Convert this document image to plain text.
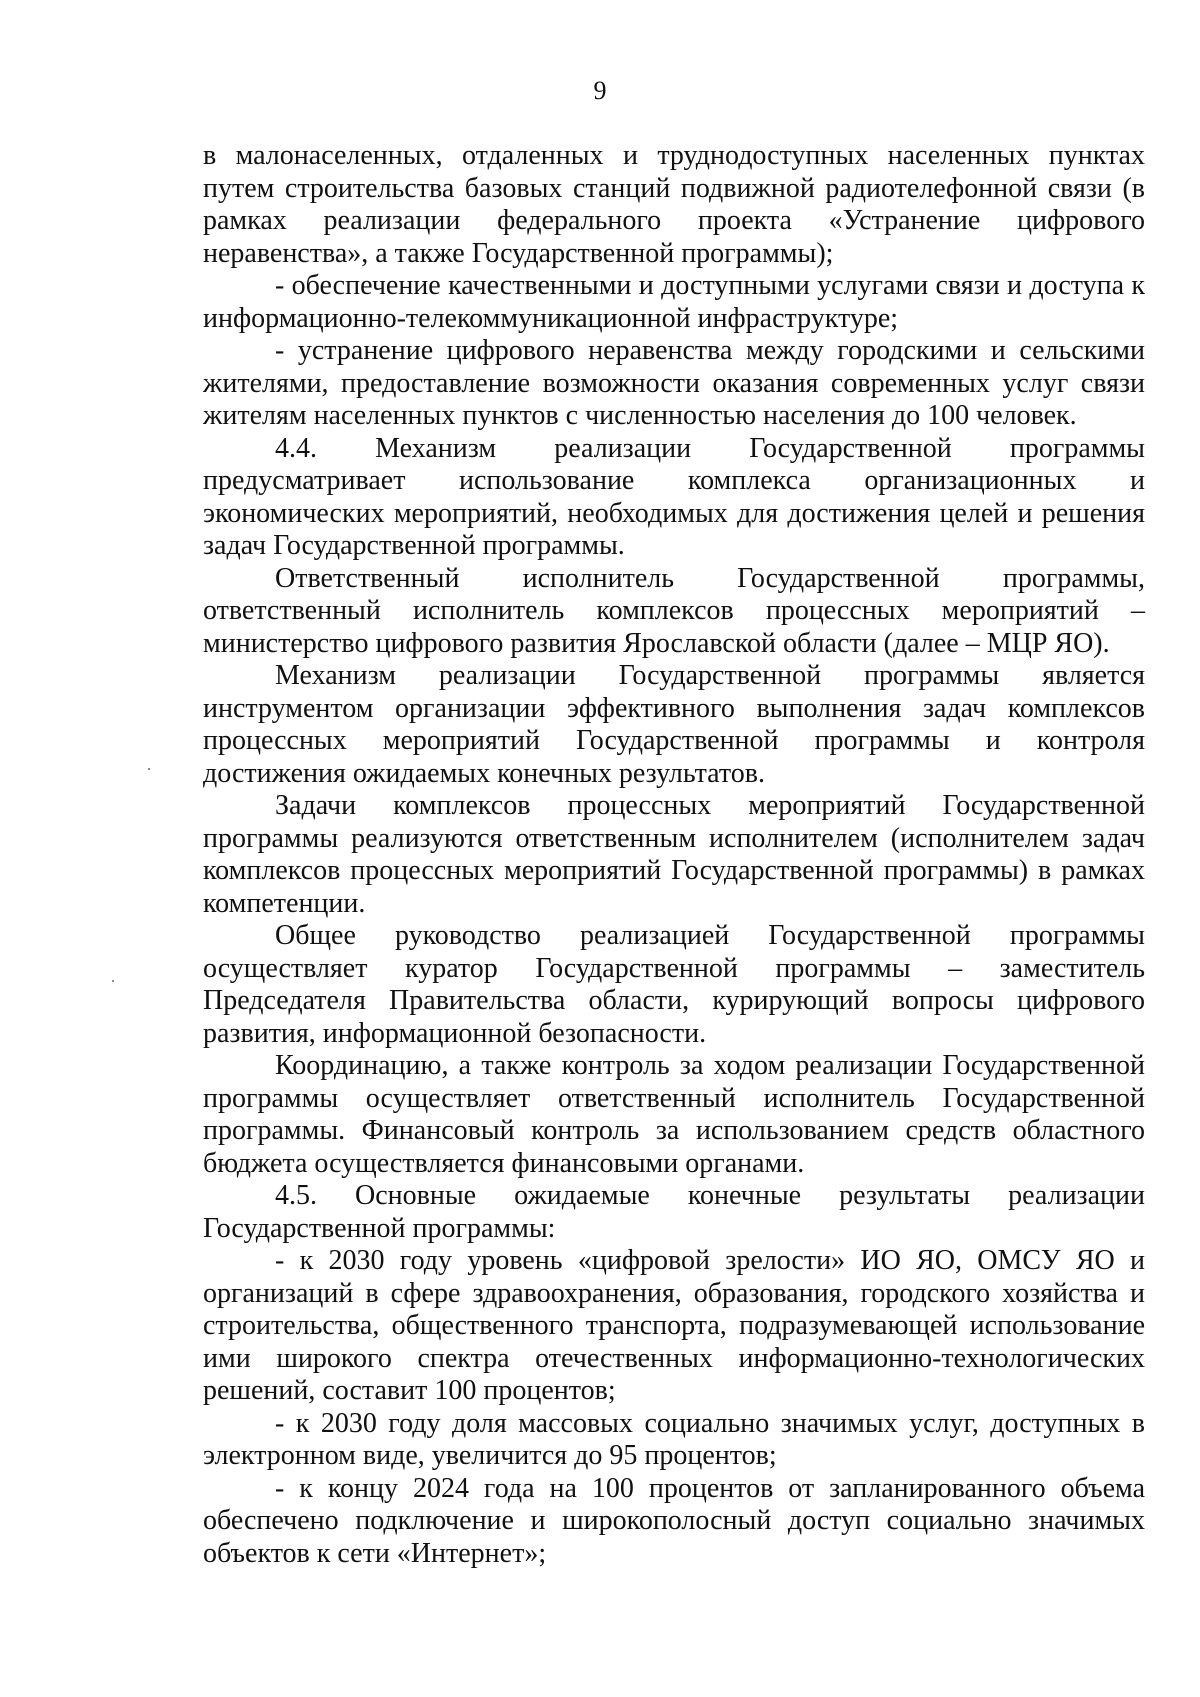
9

в малонаселенных, отдаленных и труднодоступных населенных пунктах путем строительства базовых станций подвижной радиотелефонной связи (в рамках реализации федерального проекта «Устранение цифрового неравенства», а также Государственной программы);

- обеспечение качественными и доступными услугами связи и доступа к информационно-телекоммуникационной инфраструктуре;

- устранение цифрового неравенства между городскими и сельскими жителями, предоставление возможности оказания современных услуг связи жителям населенных пунктов с численностью населения до 100 человек.

4.4. Механизм реализации Государственной программы предусматривает использование комплекса организационных и экономических мероприятий, необходимых для достижения целей и решения задач Государственной программы.

Ответственный исполнитель Государственной программы, ответственный исполнитель комплексов процессных мероприятий – министерство цифрового развития Ярославской области (далее – МЦР ЯО).

Механизм реализации Государственной программы является инструментом организации эффективного выполнения задач комплексов процессных мероприятий Государственной программы и контроля достижения ожидаемых конечных результатов.

Задачи комплексов процессных мероприятий Государственной программы реализуются ответственным исполнителем (исполнителем задач комплексов процессных мероприятий Государственной программы) в рамках компетенции.

Общее руководство реализацией Государственной программы осуществляет куратор Государственной программы – заместитель Председателя Правительства области, курирующий вопросы цифрового развития, информационной безопасности.

Координацию, а также контроль за ходом реализации Государственной программы осуществляет ответственный исполнитель Государственной программы. Финансовый контроль за использованием средств областного бюджета осуществляется финансовыми органами.

4.5. Основные ожидаемые конечные результаты реализации Государственной программы:

- к 2030 году уровень «цифровой зрелости» ИО ЯО, ОМСУ ЯО и организаций в сфере здравоохранения, образования, городского хозяйства и строительства, общественного транспорта, подразумевающей использование ими широкого спектра отечественных информационно-технологических решений, составит 100 процентов;

- к 2030 году доля массовых социально значимых услуг, доступных в электронном виде, увеличится до 95 процентов;

- к концу 2024 года на 100 процентов от запланированного объема обеспечено подключение и широкополосный доступ социально значимых объектов к сети «Интернет»;
